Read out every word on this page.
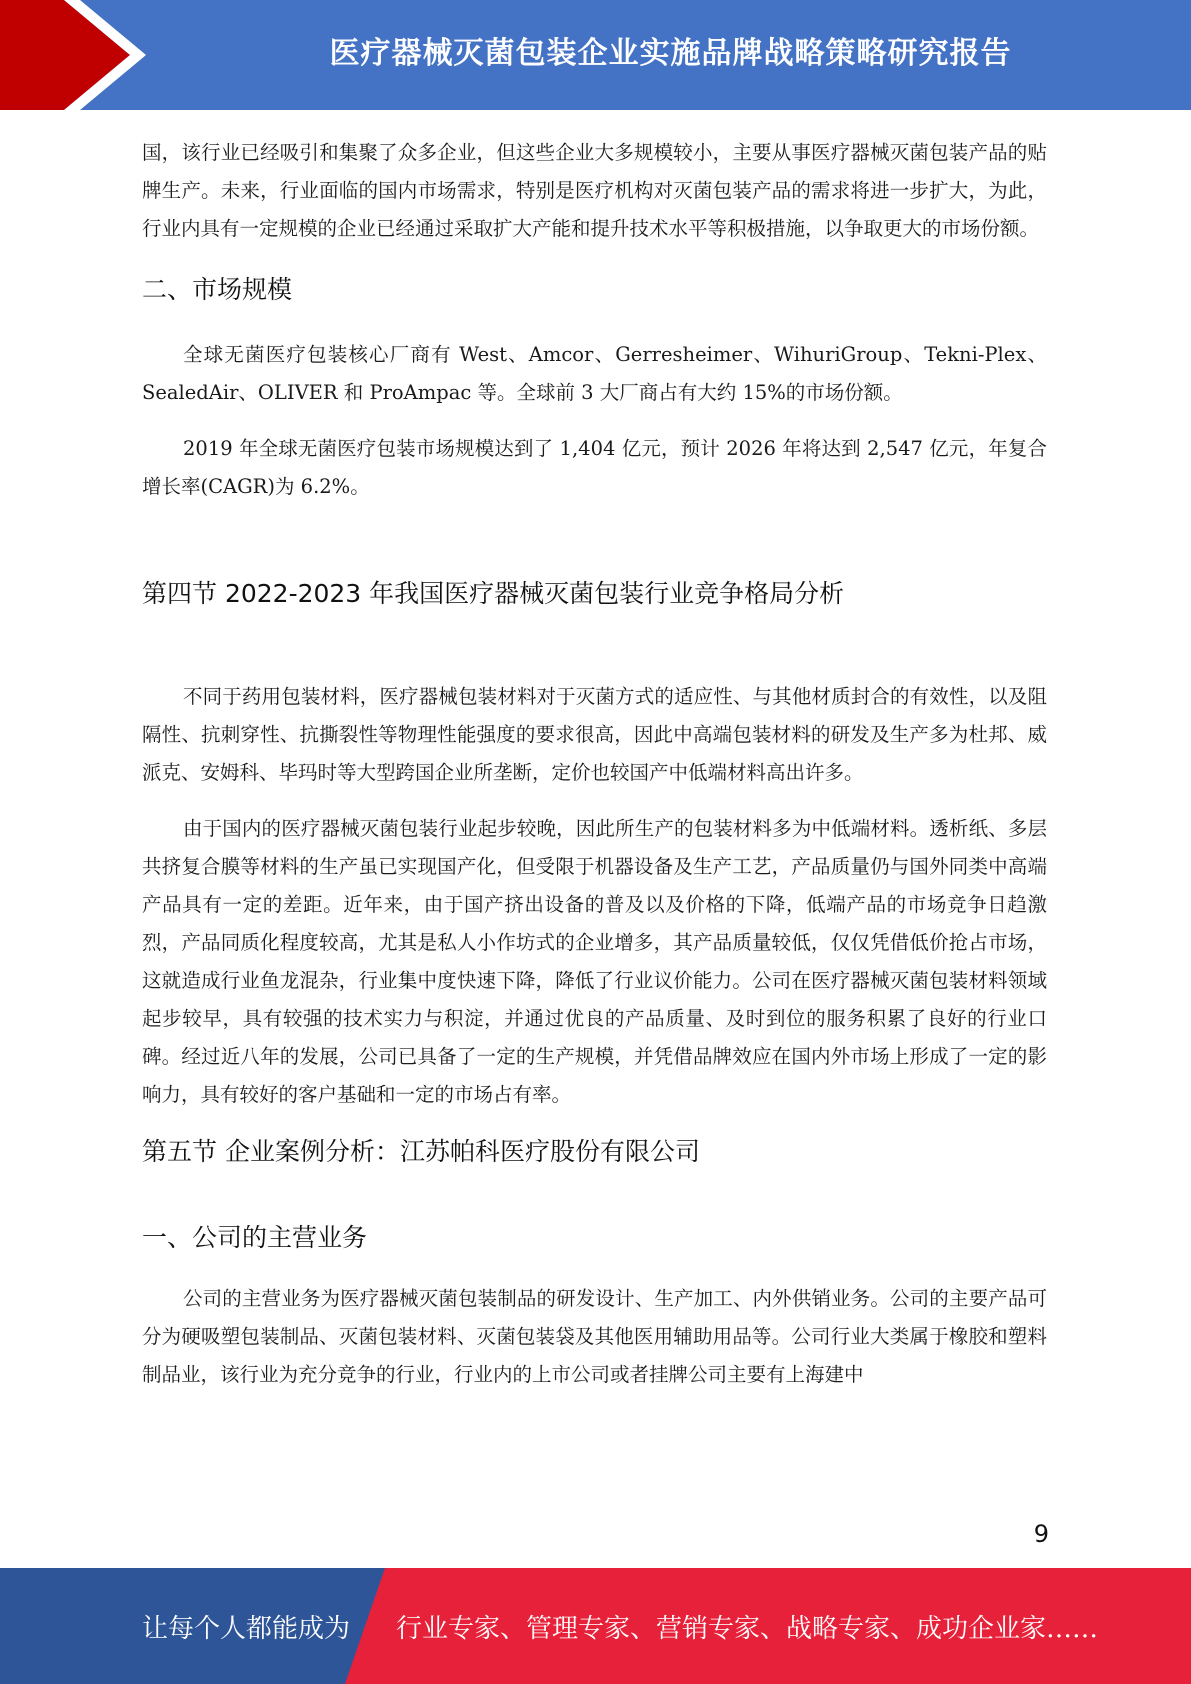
医疗器械灭菌包装企业实施品牌战略策略研究报告

国，该行业已经吸引和集聚了众多企业，但这些企业大多规模较小，主要从事医疗器械灭菌包装产品的贴牌生产。未来，行业面临的国内市场需求，特别是医疗机构对灭菌包装产品的需求将进一步扩大，为此，行业内具有一定规模的企业已经通过采取扩大产能和提升技术水平等积极措施，以争取更大的市场份额。

二、市场规模

全球无菌医疗包装核心厂商有 West、Amcor、Gerresheimer、WihuriGroup、Tekni-Plex、SealedAir、OLIVER 和 ProAmpac 等。全球前 3 大厂商占有大约 15%的市场份额。

2019 年全球无菌医疗包装市场规模达到了 1,404 亿元，预计 2026 年将达到 2,547 亿元，年复合增长率(CAGR)为 6.2%。

第四节 2022-2023 年我国医疗器械灭菌包装行业竞争格局分析

不同于药用包装材料，医疗器械包装材料对于灭菌方式的适应性、与其他材质封合的有效性，以及阻隔性、抗刺穿性、抗撕裂性等物理性能强度的要求很高，因此中高端包装材料的研发及生产多为杜邦、威派克、安姆科、毕玛时等大型跨国企业所垄断，定价也较国产中低端材料高出许多。

由于国内的医疗器械灭菌包装行业起步较晚，因此所生产的包装材料多为中低端材料。透析纸、多层共挤复合膜等材料的生产虽已实现国产化，但受限于机器设备及生产工艺，产品质量仍与国外同类中高端产品具有一定的差距。近年来，由于国产挤出设备的普及以及价格的下降，低端产品的市场竞争日趋激烈，产品同质化程度较高，尤其是私人小作坊式的企业增多，其产品质量较低，仅仅凭借低价抢占市场，这就造成行业鱼龙混杂，行业集中度快速下降，降低了行业议价能力。公司在医疗器械灭菌包装材料领域起步较早，具有较强的技术实力与积淀，并通过优良的产品质量、及时到位的服务积累了良好的行业口碑。经过近八年的发展，公司已具备了一定的生产规模，并凭借品牌效应在国内外市场上形成了一定的影响力，具有较好的客户基础和一定的市场占有率。

第五节 企业案例分析：江苏帕科医疗股份有限公司
一、公司的主营业务

公司的主营业务为医疗器械灭菌包装制品的研发设计、生产加工、内外供销业务。公司的主要产品可分为硬吸塑包装制品、灭菌包装材料、灭菌包装袋及其他医用辅助用品等。公司行业大类属于橡胶和塑料制品业，该行业为充分竞争的行业，行业内的上市公司或者挂牌公司主要有上海建中

9
让每个人都能成为 行业专家、管理专家、营销专家、战略专家、成功企业家……
